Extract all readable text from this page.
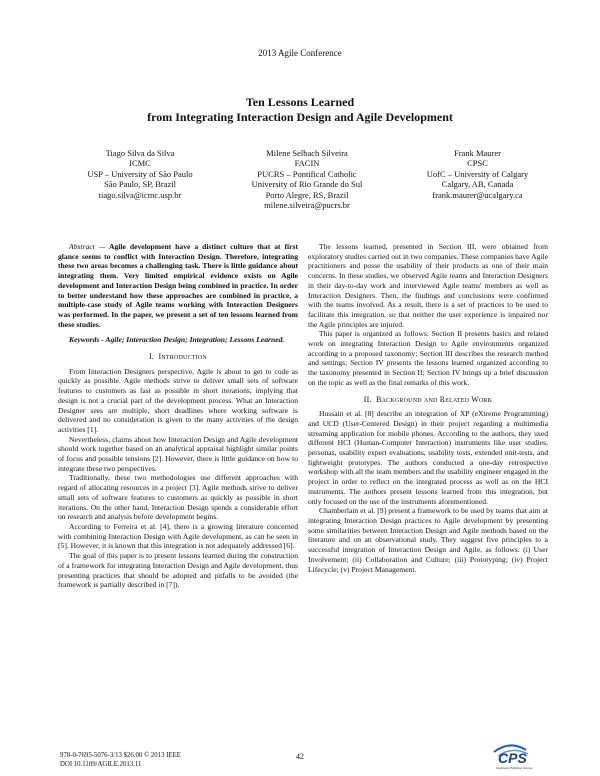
2013 Agile Conference
Ten Lessons Learned
from Integrating Interaction Design and Agile Development
Tiago Silva da Silva
ICMC
USP – University of São Paulo
São Paulo, SP, Brazil
tiago.silva@icmc.usp.br
Milene Selbach Silveira
FACIN
PUCRS – Pontifical Catholic
University of Rio Grande do Sul
Porto Alegre, RS, Brazil
milene.silveira@pucrs.br
Frank Maurer
CPSC
UofC – University of Calgary
Calgary, AB, Canada
frank.maurer@ucalgary.ca

Abstract — Agile development have a distinct culture that at first glance seems to conflict with Interaction Design. Therefore, integrating these two areas becomes a challenging task. There is little guidance about integrating them. Very limited empirical evidence exists on Agile development and Interaction Design being combined in practice. In order to better understand how these approaches are combined in practice, a multiple-case study of Agile teams working with Interaction Designers was performed. In the paper, we present a set of ten lessons learned from these studies.

Keywords - Agile; Interaction Design; Integration; Lessons Learned.

I. Introduction

From Interaction Designers perspective, Agile is about to get to code as quickly as possible. Agile methods strive to deliver small sets of software features to customers as fast as possible in short iterations, implying that design is not a crucial part of the development process. What an Interaction Designer sees are multiple, short deadlines where working software is delivered and no consideration is given to the many activities of the design activities [1].

Nevertheless, claims about how Interaction Design and Agile development should work together based on an analytical appraisal highlight similar points of focus and possible tensions [2]. However, there is little guidance on how to integrate these two perspectives.

Traditionally, these two methodologies use different approaches with regard of allocating resources in a project [3]. Agile methods strive to deliver small sets of software features to customers as quickly as possible in short iterations. On the other hand, Interaction Design spends a considerable effort on research and analysis before development begins.

According to Ferreira et al. [4], there is a growing literature concerned with combining Interaction Design with Agile development, as can be seen in [5]. However, it is known that this integration is not adequately addressed [6].

The goal of this paper is to present lessons learned during the construction of a framework for integrating Interaction Design and Agile development, thus presenting practices that should be adopted and pitfalls to be avoided (the framework is partially described in [7]).

The lessons learned, presented in Section III, were obtained from exploratory studies carried out in two companies. These companies have Agile practitioners and posse the usability of their products as one of their main concerns. In these studies, we observed Agile teams and Interaction Designers in their day-to-day work and interviewed Agile teams' members as well as Interaction Designers. Then, the findings and conclusions were confirmed with the teams involved. As a result, there is a set of practices to be used to facilitate this integration, so that neither the user experience is impaired nor the Agile principles are injured.

This paper is organized as follows: Section II presents basics and related work on integrating Interaction Design to Agile environments organized according to a proposed taxonomy; Section III describes the research method and settings; Section IV presents the lessons learned organized according to the taxonomy presented in Section II; Section IV brings up a brief discussion on the topic as well as the final remarks of this work.

II. Background and Related Work

Hussain et al. [8] describe an integration of XP (eXtreme Programming) and UCD (User-Centered Design) in their project regarding a multimedia streaming application for mobile phones. According to the authors, they used different HCI (Human-Computer Interaction) instruments like user studies, personas, usability expert evaluations, usability tests, extended unit-tests, and lightweight prototypes. The authors conducted a one-day retrospective workshop with all the team members and the usability engineer engaged in the project in order to reflect on the integrated process as well as on the HCI instruments. The authors present lessons learned from this integration, but only focused on the use of the instruments aforementioned.

Chamberlain et al. [9] present a framework to be used by teams that aim at integrating Interaction Design practices to Agile development by presenting some similarities between Interaction Design and Agile methods based on the literature and on an observational study. They suggest five principles to a successful integration of Interaction Design and Agile, as follows: (i) User Involvement; (ii) Collaboration and Culture; (iii) Prototyping; (iv) Project Lifecycle; (v) Project Management.

978-0-7695-5076-3/13 $26.00 © 2013 IEEE
DOI 10.1109/AGILE.2013.11
42	CPS
Conference Publishing Services
